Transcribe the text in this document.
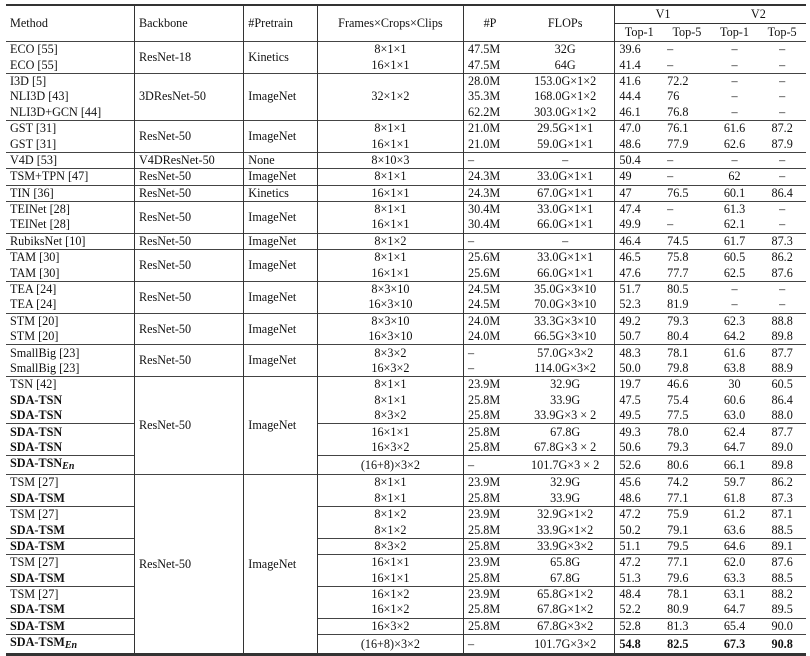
Method	Backbone	#Pretrain	Frames×Crops×Clips	#P	FLOPs	V1		V2	
						Top-1	Top-5	Top-1	Top-5
ECO [55]	ResNet-18	Kinetics	8×1×1	47.5M	32G	39.6	–	–	–
ECO [55]			16×1×1	47.5M	64G	41.4	–	–	–
I3D [5]	3DResNet-50	ImageNet	32×1×2	28.0M	153.0G×1×2	41.6	72.2	–	–
NLI3D [43]				35.3M	168.0G×1×2	44.4	76	–	–
NLI3D+GCN [44]				62.2M	303.0G×1×2	46.1	76.8	–	–
GST [31]	ResNet-50	ImageNet	8×1×1	21.0M	29.5G×1×1	47.0	76.1	61.6	87.2
GST [31]			16×1×1	21.0M	59.0G×1×1	48.6	77.9	62.6	87.9
V4D [53]	V4DResNet-50	None	8×10×3	–	–	50.4	–	–	–
TSM+TPN [47]	ResNet-50	ImageNet	8×1×1	24.3M	33.0G×1×1	49	–	62	–
TIN [36]	ResNet-50	Kinetics	16×1×1	24.3M	67.0G×1×1	47	76.5	60.1	86.4
TEINet [28]	ResNet-50	ImageNet	8×1×1	30.4M	33.0G×1×1	47.4	–	61.3	–
TEINet [28]			16×1×1	30.4M	66.0G×1×1	49.9	–	62.1	–
RubiksNet [10]	ResNet-50	ImageNet	8×1×2	–	–	46.4	74.5	61.7	87.3
TAM [30]	ResNet-50	ImageNet	8×1×1	25.6M	33.0G×1×1	46.5	75.8	60.5	86.2
TAM [30]			16×1×1	25.6M	66.0G×1×1	47.6	77.7	62.5	87.6
TEA [24]	ResNet-50	ImageNet	8×3×10	24.5M	35.0G×3×10	51.7	80.5	–	–
TEA [24]			16×3×10	24.5M	70.0G×3×10	52.3	81.9	–	–
STM [20]	ResNet-50	ImageNet	8×3×10	24.0M	33.3G×3×10	49.2	79.3	62.3	88.8
STM [20]			16×3×10	24.0M	66.5G×3×10	50.7	80.4	64.2	89.8
SmallBig [23]	ResNet-50	ImageNet	8×3×2	–	57.0G×3×2	48.3	78.1	61.6	87.7
SmallBig [23]			16×3×2	–	114.0G×3×2	50.0	79.8	63.8	88.9
TSN [42]	ResNet-50	ImageNet	8×1×1	23.9M	32.9G	19.7	46.6	30	60.5
SDA-TSN			8×1×1	25.8M	33.9G	47.5	75.4	60.6	86.4
SDA-TSN			8×3×2	25.8M	33.9G×3 × 2	49.5	77.5	63.0	88.0
SDA-TSN			16×1×1	25.8M	67.8G	49.3	78.0	62.4	87.7
SDA-TSN			16×3×2	25.8M	67.8G×3 × 2	50.6	79.3	64.7	89.0
SDA-$TSN_{En}$			(16+8)×3×2	–	101.7G×3 × 2	52.6	80.6	66.1	89.8
TSM [27]	ResNet-50	ImageNet	8×1×1	23.9M	32.9G	45.6	74.2	59.7	86.2
SDA-TSM			8×1×1	25.8M	33.9G	48.6	77.1	61.8	87.3
TSM [27]			8×1×2	23.9M	32.9G×1×2	47.2	75.9	61.2	87.1
SDA-TSM			8×1×2	25.8M	33.9G×1×2	50.2	79.1	63.6	88.5
SDA-TSM			8×3×2	25.8M	33.9G×3×2	51.1	79.5	64.6	89.1
TSM [27]			16×1×1	23.9M	65.8G	47.2	77.1	62.0	87.6
SDA-TSM			16×1×1	25.8M	67.8G	51.3	79.6	63.3	88.5
TSM [27]			16×1×2	23.9M	65.8G×1×2	48.4	78.1	63.1	88.2
SDA-TSM			16×1×2	25.8M	67.8G×1×2	52.2	80.9	64.7	89.5
SDA-TSM			16×3×2	25.8M	67.8G×3×2	52.8	81.3	65.4	90.0
SDA-$TSM_{En}$			(16+8)×3×2	–	101.7G×3×2	54.8	82.5	67.3	90.8
